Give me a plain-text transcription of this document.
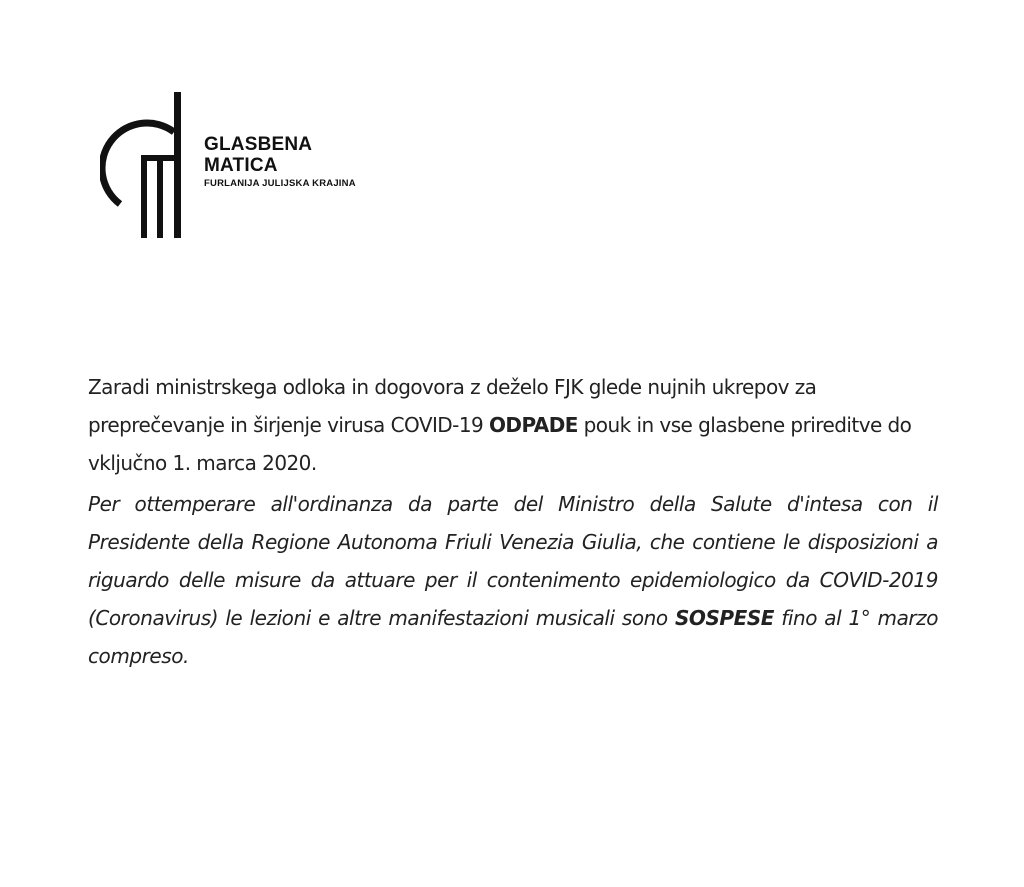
GLASBENA
MATICA
FURLANIJA JULIJSKA KRAJINA

Zaradi ministrskega odloka in dogovora z deželo FJK glede nujnih ukrepov za preprečevanje in širjenje virusa COVID-19 ODPADE pouk in vse glasbene prireditve do vključno 1. marca 2020.

Per ottemperare all'ordinanza da parte del Ministro della Salute d'intesa con il Presidente della Regione Autonoma Friuli Venezia Giulia, che contiene le disposizioni a riguardo delle misure da attuare per il contenimento epidemiologico da COVID-2019 (Coronavirus) le lezioni e altre manifestazioni musicali sono SOSPESE fino al 1° marzo compreso.
